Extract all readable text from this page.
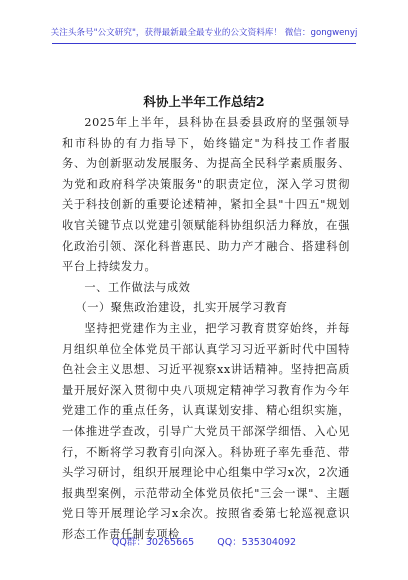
关注头条号"公文研究"，获得最新最全最专业的公文资料库！ 微信：gongwenyj
科协上半年工作总结2

2025年上半年，县科协在县委县政府的坚强领导和市科协的有力指导下，始终锚定"为科技工作者服务、为创新驱动发展服务、为提高全民科学素质服务、为党和政府科学决策服务"的职责定位，深入学习贯彻关于科技创新的重要论述精神，紧扣全县"十四五"规划收官关键节点以党建引领赋能科协组织活力释放，在强化政治引领、深化科普惠民、助力产才融合、搭建科创平台上持续发力。

一、工作做法与成效
（一）聚焦政治建设，扎实开展学习教育

坚持把党建作为主业，把学习教育贯穿始终，并每月组织单位全体党员干部认真学习习近平新时代中国特色社会主义思想、习近平视察xx讲话精神。坚持把高质量开展好深入贯彻中央八项规定精神学习教育作为今年党建工作的重点任务，认真谋划安排、精心组织实施，一体推进学查改，引导广大党员干部深学细悟、入心见行，不断将学习教育引向深入。科协班子率先垂范、带头学习研讨，组织开展理论中心组集中学习x次，2次通报典型案例，示范带动全体党员依托"三会一课"、主题党日等开展理论学习x余次。按照省委第七轮巡视意识形态工作责任制专项检

QQ群：30265665 QQ：535304092
